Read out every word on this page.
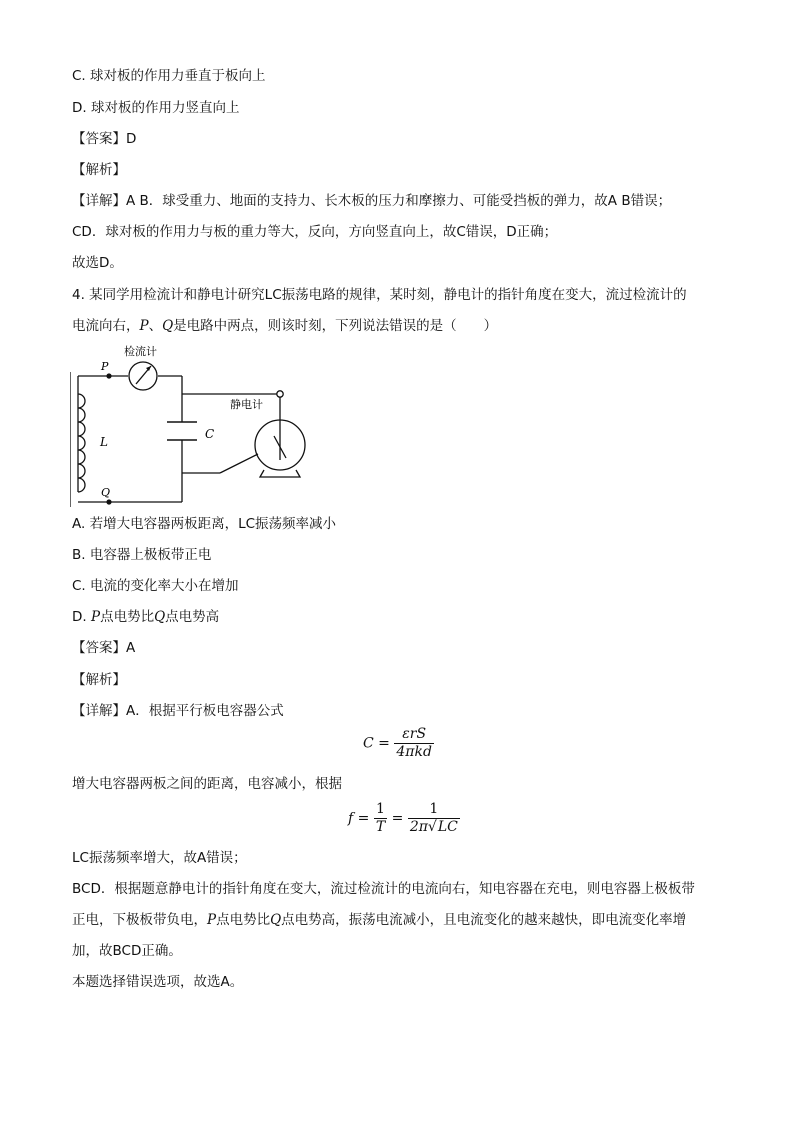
C. 球对板的作用力垂直于板向上
D. 球对板的作用力竖直向上
【答案】D
【解析】
【详解】A B．球受重力、地面的支持力、长木板的压力和摩擦力、可能受挡板的弹力，故A B错误；
CD．球对板的作用力与板的重力等大，反向，方向竖直向上，故C错误，D正确；
故选D。
4. 某同学用检流计和静电计研究LC振荡电路的规律，某时刻，静电计的指针角度在变大，流过检流计的
电流向右，P、Q是电路中两点，则该时刻，下列说法错误的是（　　）
检流计
P
C
Q
L
静电计
A. 若增大电容器两板距离，LC振荡频率减小
B. 电容器上极板带正电
C. 电流的变化率大小在增加
D. P点电势比Q点电势高
【答案】A
【解析】
【详解】A．根据平行板电容器公式
$C = \frac{\text{εrS}}{\text{4πkd}}$
增大电容器两板之间的距离，电容减小，根据
$f = \frac{1}{T} = \frac{1}{2\pi√LC}$
LC振荡频率增大，故A错误；
BCD．根据题意静电计的指针角度在变大，流过检流计的电流向右，知电容器在充电，则电容器上极板带
正电，下极板带负电，P点电势比Q点电势高，振荡电流减小，且电流变化的越来越快，即电流变化率增
加，故BCD正确。
本题选择错误选项，故选A。
